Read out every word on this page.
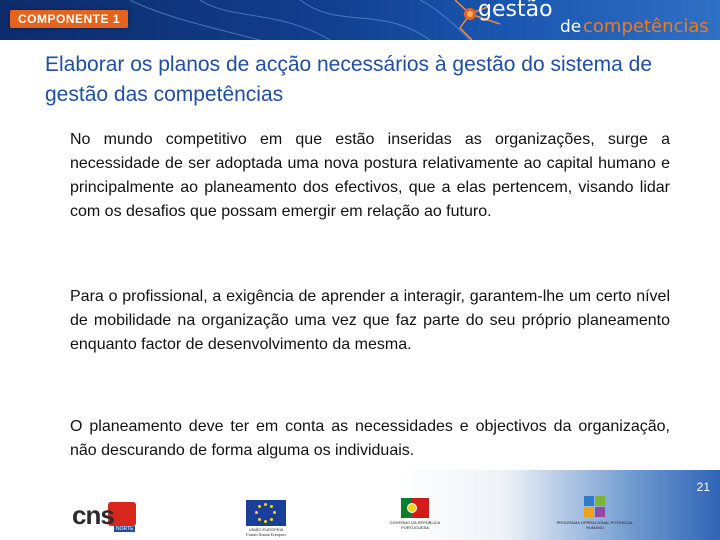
COMPONENTE 1	gestão
de competências
Elaborar os planos de acção necessários à gestão do sistema de gestão das competências

No mundo competitivo em que estão inseridas as organizações, surge a necessidade de ser adoptada uma nova postura relativamente ao capital humano e principalmente ao planeamento dos efectivos, que a elas pertencem, visando lidar com os desafios que possam emergir em relação ao futuro.

Para o profissional, a exigência de aprender a interagir, garantem-lhe um certo nível de mobilidade na organização uma vez que faz parte do seu próprio planeamento enquanto factor de desenvolvimento da mesma.

O planeamento deve ter em conta as necessidades e objectivos da organização, não descurando de forma alguma os individuais.

21
cns NORTE	UNIÃO EUROPEIA Fundo Social Europeu
GOVERNO DA REPÚBLICA PORTUGUESA
PROGRAMA OPERACIONAL POTENCIAL HUMANO
